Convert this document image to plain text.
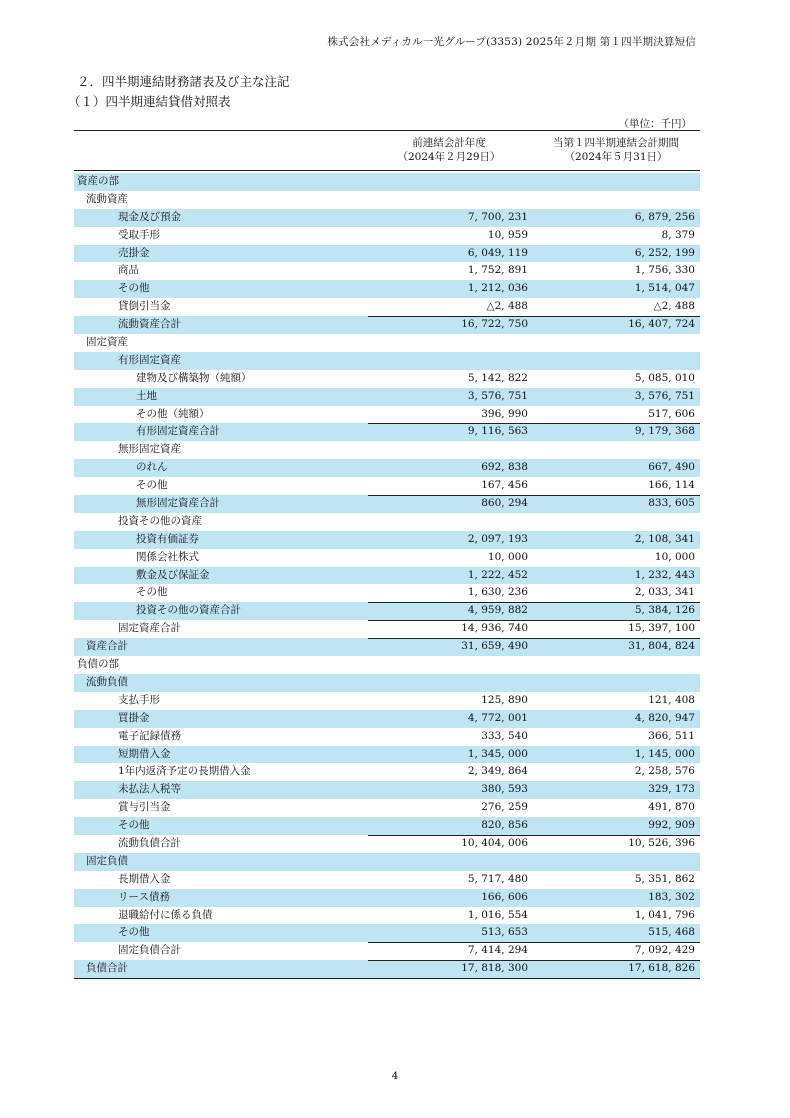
株式会社メディカル一光グループ(3353) 2025年２月期 第１四半期決算短信
２．四半期連結財務諸表及び主な注記
（１）四半期連結貸借対照表
（単位：千円）
前連結会計年度
（2024年２月29日）
当第１四半期連結会計期間
（2024年５月31日）
資産の部
流動資産
現金及び預金	7, 700, 231	6, 879, 256
受取手形	10, 959	8, 379
売掛金	6, 049, 119	6, 252, 199
商品	1, 752, 891	1, 756, 330
その他	1, 212, 036	1, 514, 047
貸倒引当金	△2, 488	△2, 488
流動資産合計	16, 722, 750	16, 407, 724
固定資産
有形固定資産
建物及び構築物（純額）	5, 142, 822	5, 085, 010
土地	3, 576, 751	3, 576, 751
その他（純額）	396, 990	517, 606
有形固定資産合計	9, 116, 563	9, 179, 368
無形固定資産
のれん	692, 838	667, 490
その他	167, 456	166, 114
無形固定資産合計	860, 294	833, 605
投資その他の資産
投資有価証券	2, 097, 193	2, 108, 341
関係会社株式	10, 000	10, 000
敷金及び保証金	1, 222, 452	1, 232, 443
その他	1, 630, 236	2, 033, 341
投資その他の資産合計	4, 959, 882	5, 384, 126
固定資産合計	14, 936, 740	15, 397, 100
資産合計	31, 659, 490	31, 804, 824
負債の部
流動負債
支払手形	125, 890	121, 408
買掛金	4, 772, 001	4, 820, 947
電子記録債務	333, 540	366, 511
短期借入金	1, 345, 000	1, 145, 000
1年内返済予定の長期借入金	2, 349, 864	2, 258, 576
未払法人税等	380, 593	329, 173
賞与引当金	276, 259	491, 870
その他	820, 856	992, 909
流動負債合計	10, 404, 006	10, 526, 396
固定負債
長期借入金	5, 717, 480	5, 351, 862
リース債務	166, 606	183, 302
退職給付に係る負債	1, 016, 554	1, 041, 796
その他	513, 653	515, 468
固定負債合計	7, 414, 294	7, 092, 429
負債合計	17, 818, 300	17, 618, 826
4
